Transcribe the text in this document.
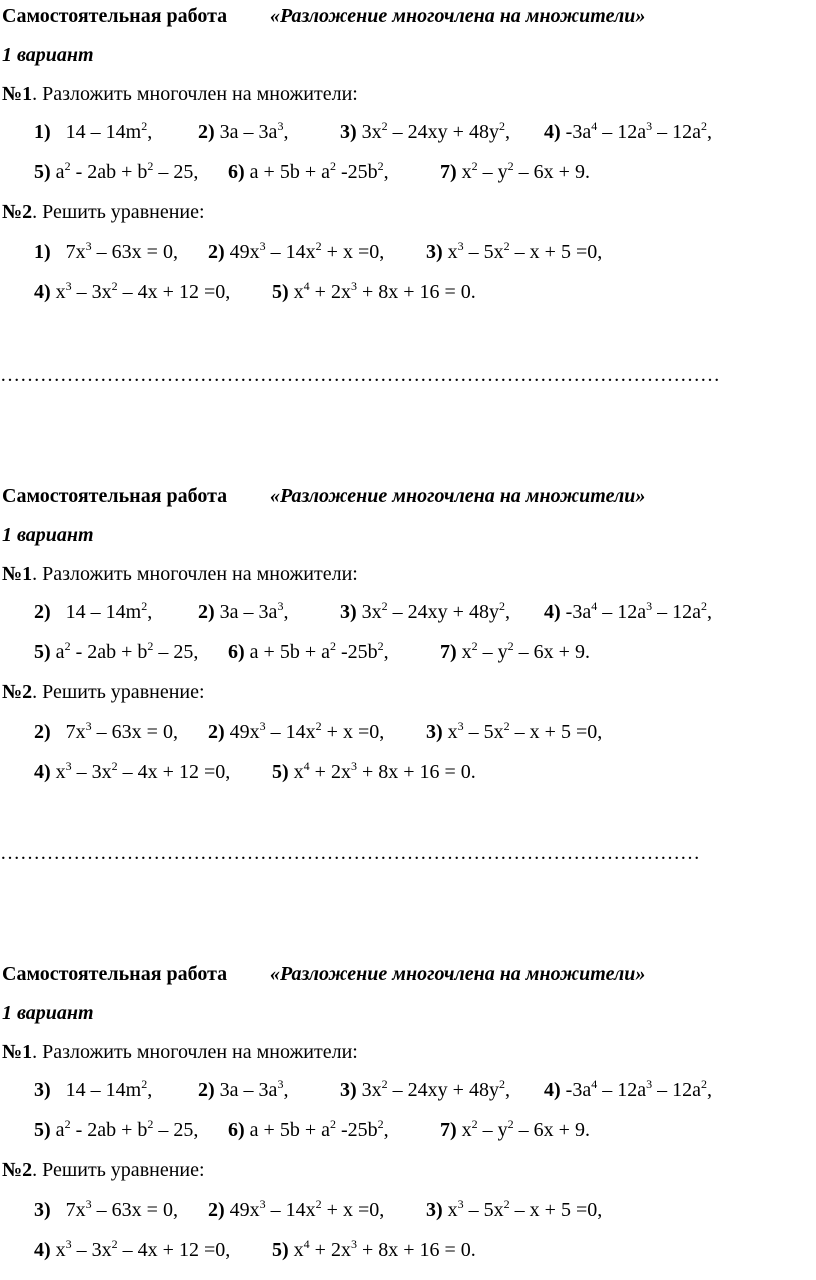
Самостоятельная работа «Разложение многочлена на множители»
1 вариант
№1. Разложить многочлен на множители:
1)   $14 - 14m^2$, 2) $3a - 3a^3$,	3) $3x^2 - 24xy + 48y^2$, 4) $-3a^4 - 12a^3 - 12a^2$,
5) $a^2 - 2ab + b^2 - 25$, 6) $a + 5b + a^2$ $-25b^2$,	7) $x^2 - y^2 - 6x + 9$.
№2. Решить уравнение:
1)   $7x^3 - 63x = 0$, 2) $49x^3 - 14x^2 + x =0$, 3) $x^3 - 5x^2 - x + 5 =0$,
4) $x^3 - 3x^2 - 4x + 12 =0$, 5) $x^4 + 2x^3 + 8x + 16 = 0$.
………………………………………………………………………………………………
Самостоятельная работа «Разложение многочлена на множители»
1 вариант
№1. Разложить многочлен на множители:
2)   $14 - 14m^2$, 2) $3a - 3a^3$,	3) $3x^2 - 24xy + 48y^2$, 4) $-3a^4 - 12a^3 - 12a^2$,
5) $a^2 - 2ab + b^2 - 25$, 6) $a + 5b + a^2$ $-25b^2$,	7) $x^2 - y^2 - 6x + 9$.
№2. Решить уравнение:
2)   $7x^3 - 63x = 0$, 2) $49x^3 - 14x^2 + x =0$, 3) $x^3 - 5x^2 - x + 5 =0$,
4) $x^3 - 3x^2 - 4x + 12 =0$, 5) $x^4 + 2x^3 + 8x + 16 = 0$.
……………………………………………………………………………………………
Самостоятельная работа «Разложение многочлена на множители»
1 вариант
№1. Разложить многочлен на множители:
3)   $14 - 14m^2$, 2) $3a - 3a^3$,	3) $3x^2 - 24xy + 48y^2$, 4) $-3a^4 - 12a^3 - 12a^2$,
5) $a^2 - 2ab + b^2 - 25$, 6) $a + 5b + a^2$ $-25b^2$,	7) $x^2 - y^2 - 6x + 9$.
№2. Решить уравнение:
3)   $7x^3 - 63x = 0$, 2) $49x^3 - 14x^2 + x =0$, 3) $x^3 - 5x^2 - x + 5 =0$,
4) $x^3 - 3x^2 - 4x + 12 =0$, 5) $x^4 + 2x^3 + 8x + 16 = 0$.
